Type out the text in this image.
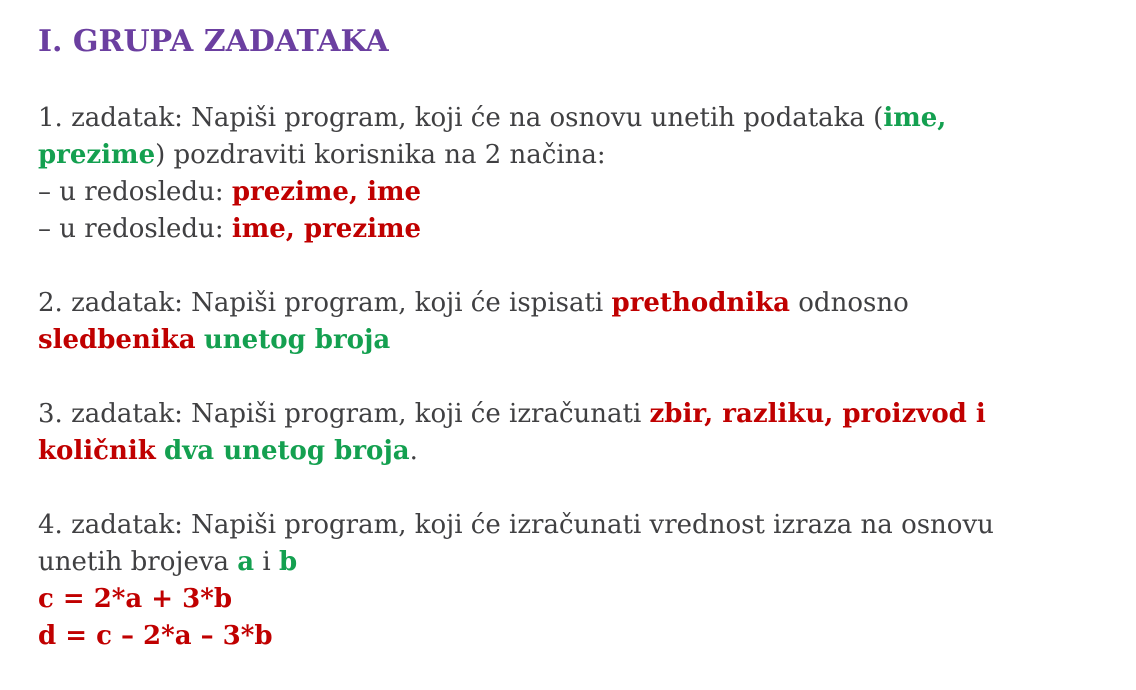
I. GRUPA ZADATAKA
1. zadatak: Napiši program, koji će na osnovu unetih podataka (ime,
prezime) pozdraviti korisnika na 2 načina:
– u redosledu: prezime, ime
– u redosledu: ime, prezime
2. zadatak: Napiši program, koji će ispisati prethodnika odnosno
sledbenika unetog broja
3. zadatak: Napiši program, koji će izračunati zbir, razliku, proizvod i
količnik dva unetog broja.
4. zadatak: Napiši program, koji će izračunati vrednost izraza na osnovu
unetih brojeva a i b
c = 2*a + 3*b
d = c – 2*a – 3*b
